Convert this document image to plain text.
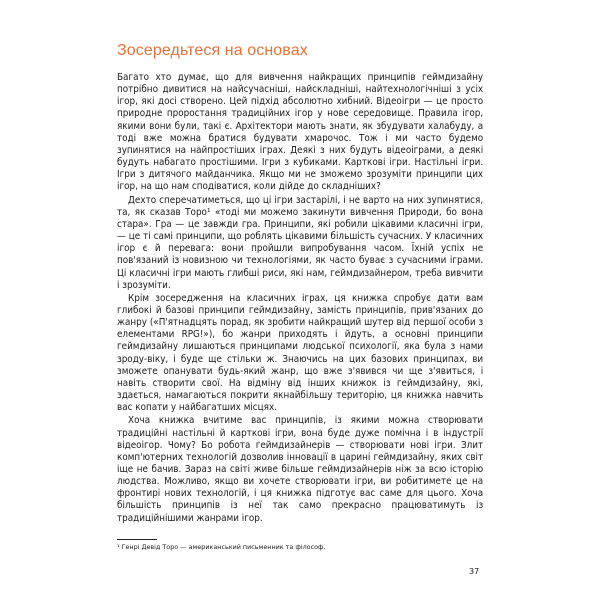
Зосередьтеся на основах

Багато хто думає, що для вивчення найкращих принципів геймдизайну потрібно дивитися на найсучасніші, найскладніші, найтехнологічніші з усіх ігор, які досі створено. Цей підхід абсолютно хибний. Відеоігри — це просто природне проростання традиційних ігор у нове середовище. Правила ігор, якими вони були, такі є. Архітектори мають знати, як збудувати халабуду, а тоді вже можна братися будувати хмарочос. Тож і ми часто будемо зупинятися на найпростіших іграх. Деякі з них будуть відеоіграми, а деякі будуть набагато простішими. Ігри з кубиками. Карткові ігри. Настільні ігри. Ігри з дитячого майданчика. Якщо ми не зможемо зрозуміти принципи цих ігор, на що нам сподіватися, коли дійде до складніших?

Дехто сперечатиметься, що ці ігри застарілі, і не варто на них зупинятися, та, як сказав Торо¹ «тоді ми можемо закинути вивчення Природи, бо вона стара». Гра — це завжди гра. Принципи, які робили цікавими класичні ігри, — це ті самі принципи, що роблять цікавими більшість сучасних. У класичних ігор є й перевага: вони пройшли випробування часом. Їхній успіх не пов'язаний із новизною чи технологіями, як часто буває з сучасними іграми. Ці класичні ігри мають глибші риси, які нам, геймдизайнером, треба вивчити і зрозуміти.

Крім зосередження на класичних іграх, ця книжка спробує дати вам глибокі й базові принципи геймдизайну, замість принципів, прив'язаних до жанру («П'ятнадцять порад, як зробити найкращий шутер від першої особи з елементами RPG!»), бо жанри приходять і йдуть, а основні принципи геймдизайну лишаються принципами людської психології, яка була з нами зроду-віку, і буде ще стільки ж. Знаючись на цих базових принципах, ви зможете опанувати будь-який жанр, що вже з'явився чи ще з'явиться, і навіть створити свої. На відміну від інших книжок із геймдизайну, які, здається, намагаються покрити якнайбільшу територію, ця книжка навчить вас копати у найбагатших місцях.

Хоча книжка вчитиме вас принципів, із якими можна створювати традиційні настільні й карткові ігри, вона буде дуже помічна і в індустрії відеоігор. Чому? Бо робота геймдизайнерів — створювати нові ігри. Злит комп'ютерних технологій дозволив інновації в царині геймдизайну, яких світ іще не бачив. Зараз на світі живе більше геймдизайнерів ніж за всю історію людства. Можливо, якщо ви хочете створювати ігри, ви робитимете це на фронтирі нових технологій, і ця книжка підготує вас саме для цього. Хоча більшість принципів із неї так само прекрасно працюватимуть із традиційнішими жанрами ігор.

¹ Генрі Девід Торо — американський письменник та філософ.
37
